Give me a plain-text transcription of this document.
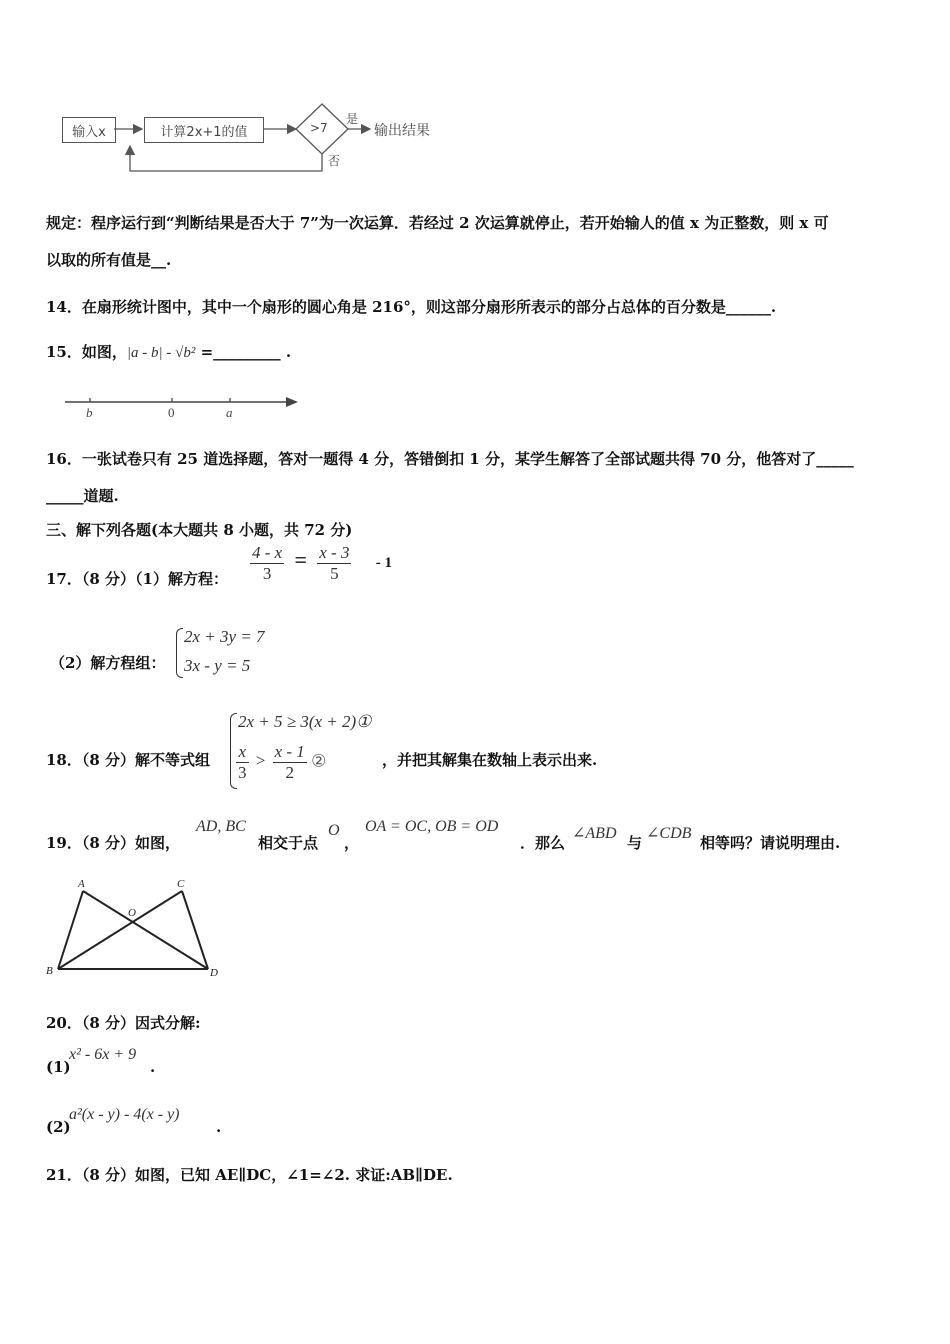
输入x	计算2x+1的值	>7
是
否
输出结果
规定：程序运行到“判断结果是否大于 7”为一次运算．若经过 2 次运算就停止，若开始输人的值 x 为正整数，则 x 可
以取的所有值是__.
14．在扇形统计图中，其中一个扇形的圆心角是 216°，则这部分扇形所表示的部分占总体的百分数是______.
15．如图，|a - b| - √b² =_________ .
b	0	a
16．一张试卷只有 25 道选择题，答对一题得 4 分，答错倒扣 1 分，某学生解答了全部试题共得 70 分，他答对了_____
_____道题.
三、解下列各题(本大题共 8 小题，共 72 分)
17．（8 分）（1）解方程： $\frac{4 - x}{3} = \frac{x - 3}{5} - 1$
（2）解方程组：
2x + 3y = 7
3x - y = 5
18．（8 分）解不等式组
2x + 5 ≥ 3(x + 2)①
$\frac{x}{3} > \frac{x - 1}{2}$ ②	，并把其解集在数轴上表示出来.
19．（8 分）如图，
AD, BC
相交于点
O
，
OA = OC, OB = OD
．那么
∠ABD
与
∠CDB
相等吗？请说明理由.
A	C
O
B	D
20．（8 分）因式分解:
(1)
x² - 6x + 9
.
(2)
a²(x - y) - 4(x - y)
.
21．（8 分）如图，已知 AE∥DC，∠1=∠2. 求证:AB∥DE.
